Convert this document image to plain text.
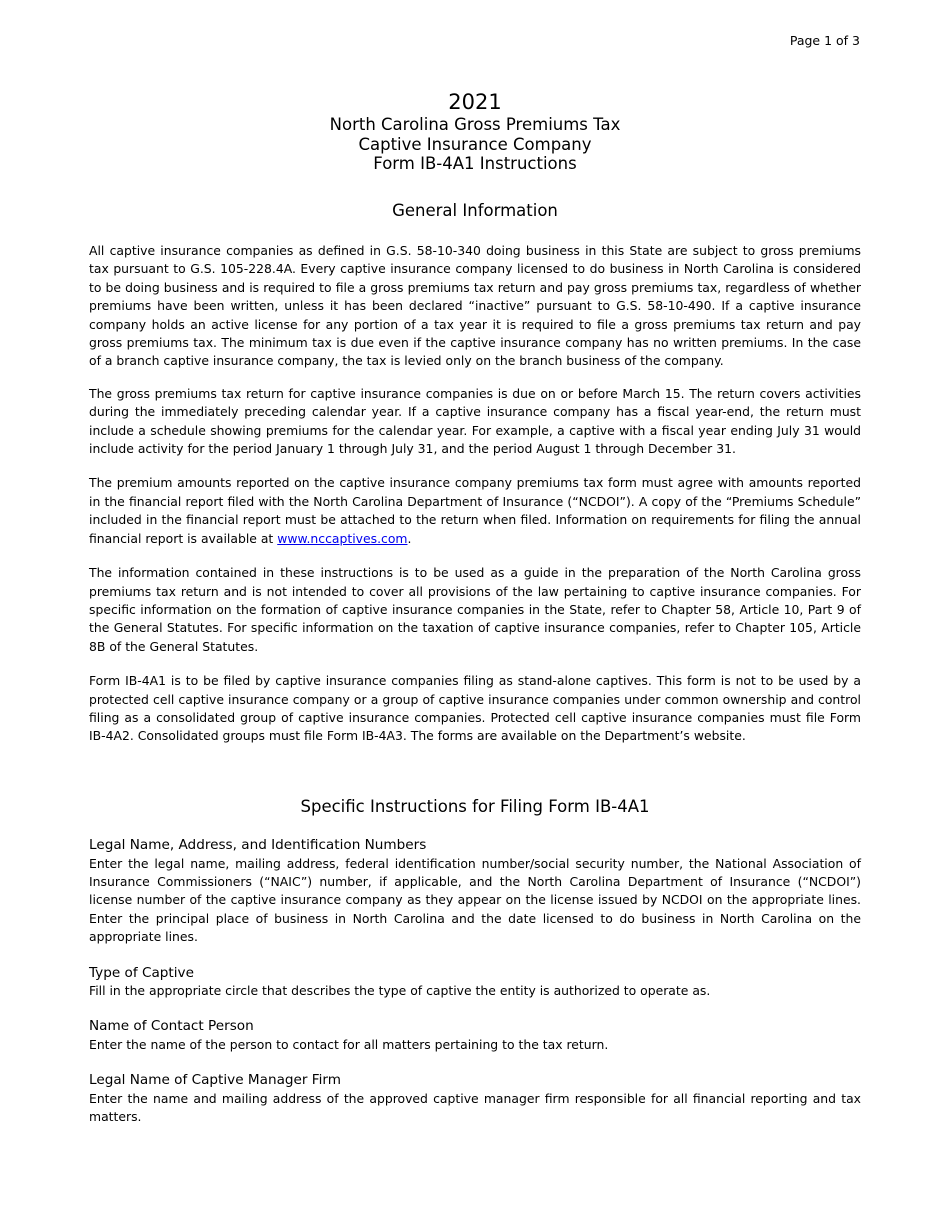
Page 1 of 3
2021
North Carolina Gross Premiums Tax
Captive Insurance Company
Form IB-4A1 Instructions
General Information

All captive insurance companies as defined in G.S. 58-10-340 doing business in this State are subject to gross premiums tax pursuant to G.S. 105-228.4A. Every captive insurance company licensed to do business in North Carolina is considered to be doing business and is required to file a gross premiums tax return and pay gross premiums tax, regardless of whether premiums have been written, unless it has been declared “inactive” pursuant to G.S. 58-10-490. If a captive insurance company holds an active license for any portion of a tax year it is required to file a gross premiums tax return and pay gross premiums tax. The minimum tax is due even if the captive insurance company has no written premiums. In the case of a branch captive insurance company, the tax is levied only on the branch business of the company.

The gross premiums tax return for captive insurance companies is due on or before March 15. The return covers activities during the immediately preceding calendar year. If a captive insurance company has a fiscal year-end, the return must include a schedule showing premiums for the calendar year. For example, a captive with a fiscal year ending July 31 would include activity for the period January 1 through July 31, and the period August 1 through December 31.

The premium amounts reported on the captive insurance company premiums tax form must agree with amounts reported in the financial report filed with the North Carolina Department of Insurance (“NCDOI”). A copy of the “Premiums Schedule” included in the financial report must be attached to the return when filed. Information on requirements for filing the annual financial report is available at www.nccaptives.com.

The information contained in these instructions is to be used as a guide in the preparation of the North Carolina gross premiums tax return and is not intended to cover all provisions of the law pertaining to captive insurance companies. For specific information on the formation of captive insurance companies in the State, refer to Chapter 58, Article 10, Part 9 of the General Statutes. For specific information on the taxation of captive insurance companies, refer to Chapter 105, Article 8B of the General Statutes.

Form IB-4A1 is to be filed by captive insurance companies filing as stand-alone captives. This form is not to be used by a protected cell captive insurance company or a group of captive insurance companies under common ownership and control filing as a consolidated group of captive insurance companies. Protected cell captive insurance companies must file Form IB-4A2. Consolidated groups must file Form IB-4A3. The forms are available on the Department’s website.

Specific Instructions for Filing Form IB-4A1
Legal Name, Address, and Identification Numbers

Enter the legal name, mailing address, federal identification number/social security number, the National Association of Insurance Commissioners (“NAIC”) number, if applicable, and the North Carolina Department of Insurance (“NCDOI”) license number of the captive insurance company as they appear on the license issued by NCDOI on the appropriate lines. Enter the principal place of business in North Carolina and the date licensed to do business in North Carolina on the appropriate lines.

Type of Captive

Fill in the appropriate circle that describes the type of captive the entity is authorized to operate as.

Name of Contact Person

Enter the name of the person to contact for all matters pertaining to the tax return.

Legal Name of Captive Manager Firm

Enter the name and mailing address of the approved captive manager firm responsible for all financial reporting and tax matters.
